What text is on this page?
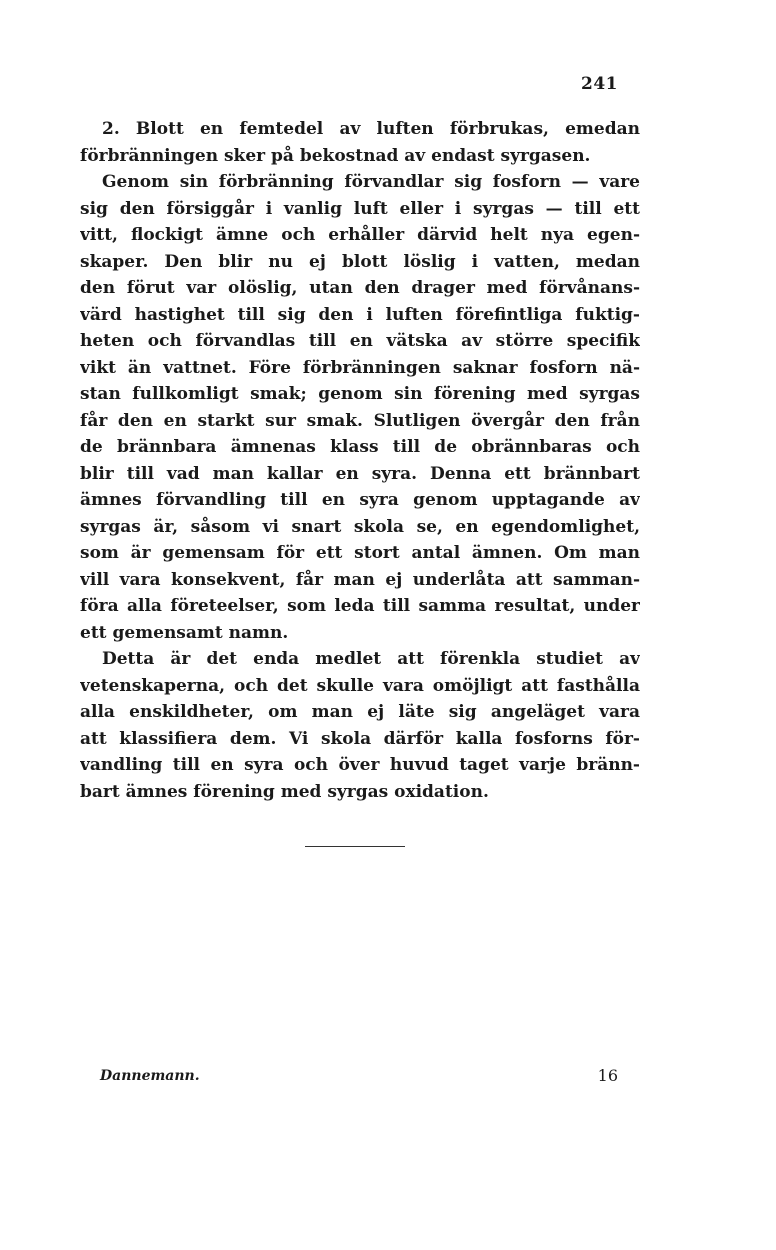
241
2. Blott en femtedel av luften förbrukas, emedan
förbränningen sker på bekostnad av endast syrgasen.
Genom sin förbränning förvandlar sig fosforn — vare
sig den försiggår i vanlig luft eller i syrgas — till ett
vitt, flockigt ämne och erhåller därvid helt nya egen-
skaper. Den blir nu ej blott löslig i vatten, medan
den förut var olöslig, utan den drager med förvånans-
värd hastighet till sig den i luften förefintliga fuktig-
heten och förvandlas till en vätska av större specifik
vikt än vattnet. Före förbränningen saknar fosforn nä-
stan fullkomligt smak; genom sin förening med syrgas
får den en starkt sur smak. Slutligen övergår den från
de brännbara ämnenas klass till de obrännbaras och
blir till vad man kallar en syra. Denna ett brännbart
ämnes förvandling till en syra genom upptagande av
syrgas är, såsom vi snart skola se, en egendomlighet,
som är gemensam för ett stort antal ämnen. Om man
vill vara konsekvent, får man ej underlåta att samman-
föra alla företeelser, som leda till samma resultat, under
ett gemensamt namn.
Detta är det enda medlet att förenkla studiet av
vetenskaperna, och det skulle vara omöjligt att fasthålla
alla enskildheter, om man ej läte sig angeläget vara
att klassifiera dem. Vi skola därför kalla fosforns för-
vandling till en syra och över huvud taget varje bränn-
bart ämnes förening med syrgas oxidation.
Dannemann.	16
